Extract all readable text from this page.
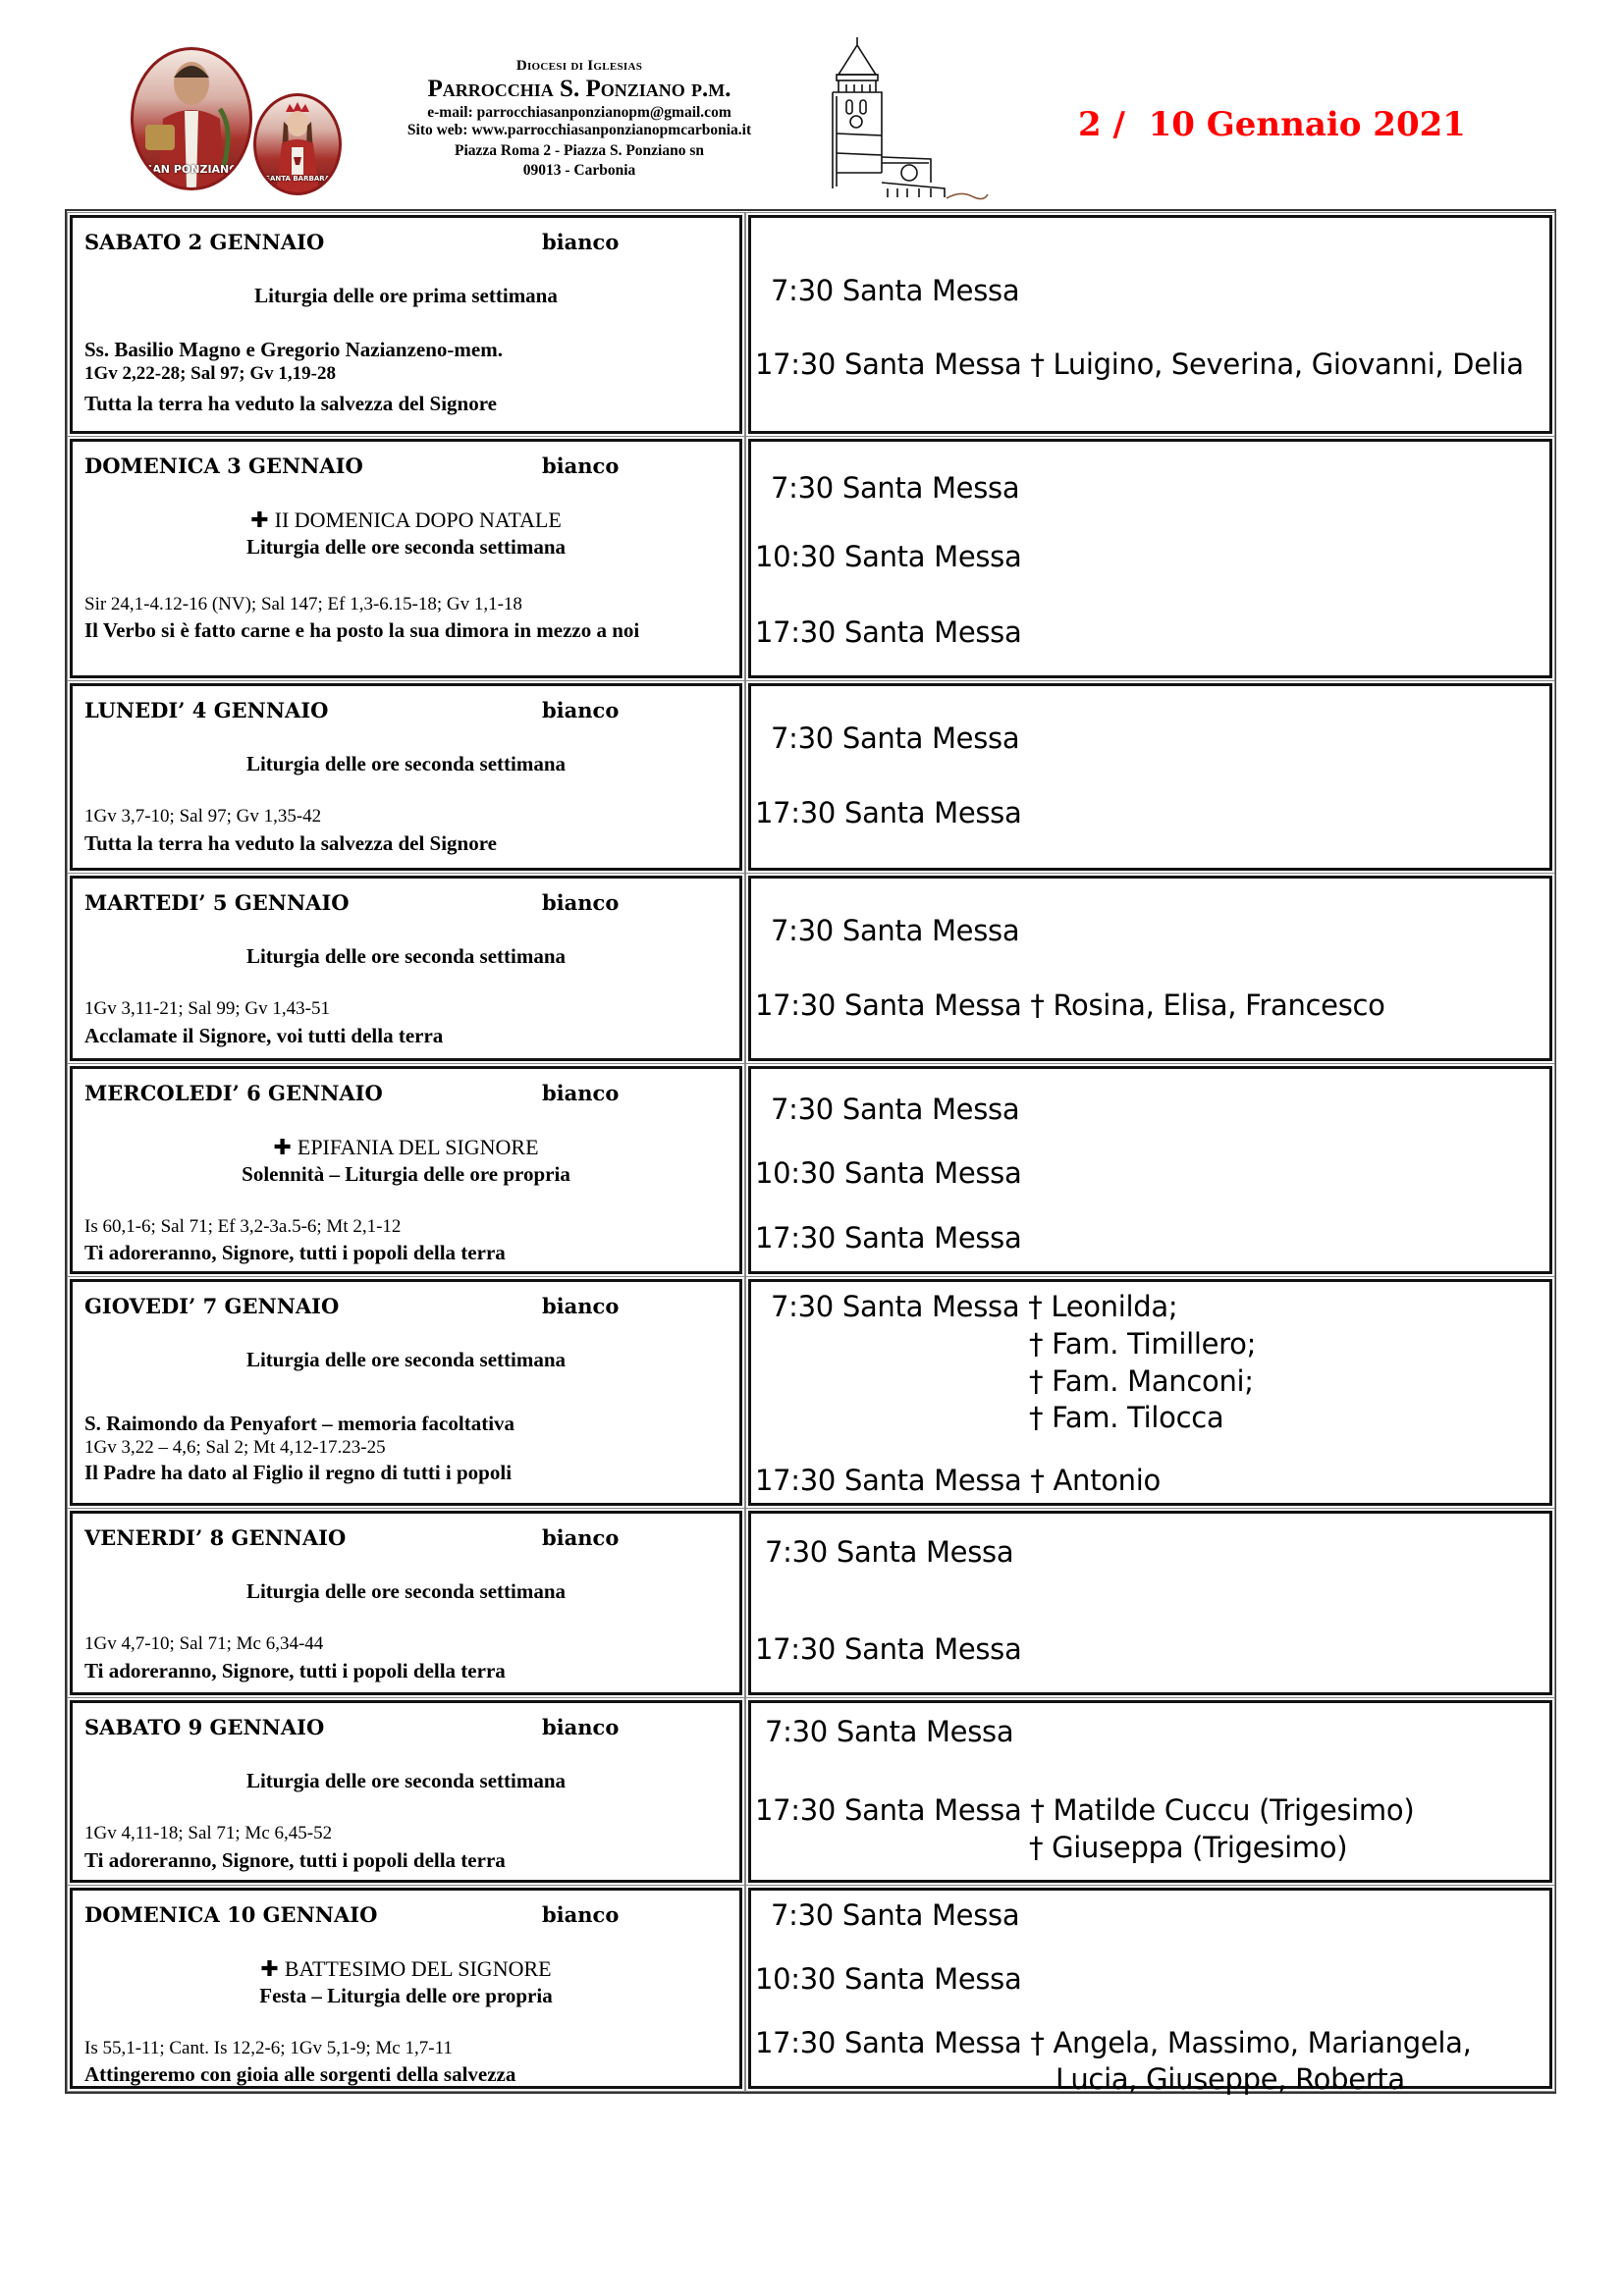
SAN PONZIANO
SANTA BARBARA
Diocesi di Iglesias
Parrocchia S. Ponziano p.m.
e-mail: parrocchiasanponzianopm@gmail.com
Sito web: www.parrocchiasanponzianopmcarbonia.it
Piazza Roma 2 - Piazza S. Ponziano sn
09013 - Carbonia
2 /  10 Gennaio 2021
SABATO 2 GENNAIO	bianco
Liturgia delle ore prima settimana
Ss. Basilio Magno e Gregorio Nazianzeno-mem.
1Gv 2,22-28; Sal 97; Gv 1,19-28
Tutta la terra ha veduto la salvezza del Signore
7:30 Santa Messa
17:30 Santa Messa † Luigino, Severina, Giovanni, Delia
DOMENICA 3 GENNAIO	bianco
✚ II DOMENICA DOPO NATALE
Liturgia delle ore seconda settimana
Sir 24,1-4.12-16 (NV); Sal 147; Ef 1,3-6.15-18; Gv 1,1-18
Il Verbo si è fatto carne e ha posto la sua dimora in mezzo a noi
7:30 Santa Messa
10:30 Santa Messa
17:30 Santa Messa
LUNEDI’ 4 GENNAIO	bianco
Liturgia delle ore seconda settimana
1Gv 3,7-10; Sal 97; Gv 1,35-42
Tutta la terra ha veduto la salvezza del Signore
7:30 Santa Messa
17:30 Santa Messa
MARTEDI’ 5 GENNAIO	bianco
Liturgia delle ore seconda settimana
1Gv 3,11-21; Sal 99; Gv 1,43-51
Acclamate il Signore, voi tutti della terra
7:30 Santa Messa
17:30 Santa Messa † Rosina, Elisa, Francesco
MERCOLEDI’ 6 GENNAIO	bianco
✚ EPIFANIA DEL SIGNORE
Solennità – Liturgia delle ore propria
Is 60,1-6; Sal 71; Ef 3,2-3a.5-6; Mt 2,1-12
Ti adoreranno, Signore, tutti i popoli della terra
7:30 Santa Messa
10:30 Santa Messa
17:30 Santa Messa
GIOVEDI’ 7 GENNAIO	bianco
Liturgia delle ore seconda settimana
S. Raimondo da Penyafort – memoria facoltativa
1Gv 3,22 – 4,6; Sal 2; Mt 4,12-17.23-25
Il Padre ha dato al Figlio il regno di tutti i popoli
7:30 Santa Messa † Leonilda;
† Fam. Timillero;
† Fam. Manconi;
† Fam. Tilocca
17:30 Santa Messa † Antonio
VENERDI’ 8 GENNAIO	bianco
Liturgia delle ore seconda settimana
1Gv 4,7-10; Sal 71; Mc 6,34-44
Ti adoreranno, Signore, tutti i popoli della terra
7:30 Santa Messa
17:30 Santa Messa
SABATO 9 GENNAIO	bianco
Liturgia delle ore seconda settimana
1Gv 4,11-18; Sal 71; Mc 6,45-52
Ti adoreranno, Signore, tutti i popoli della terra
7:30 Santa Messa
17:30 Santa Messa † Matilde Cuccu (Trigesimo)
† Giuseppa (Trigesimo)
DOMENICA 10 GENNAIO	bianco
✚ BATTESIMO DEL SIGNORE
Festa – Liturgia delle ore propria
Is 55,1-11; Cant. Is 12,2-6; 1Gv 5,1-9; Mc 1,7-11
Attingeremo con gioia alle sorgenti della salvezza
7:30 Santa Messa
10:30 Santa Messa
17:30 Santa Messa † Angela, Massimo, Mariangela,
Lucia, Giuseppe, Roberta
